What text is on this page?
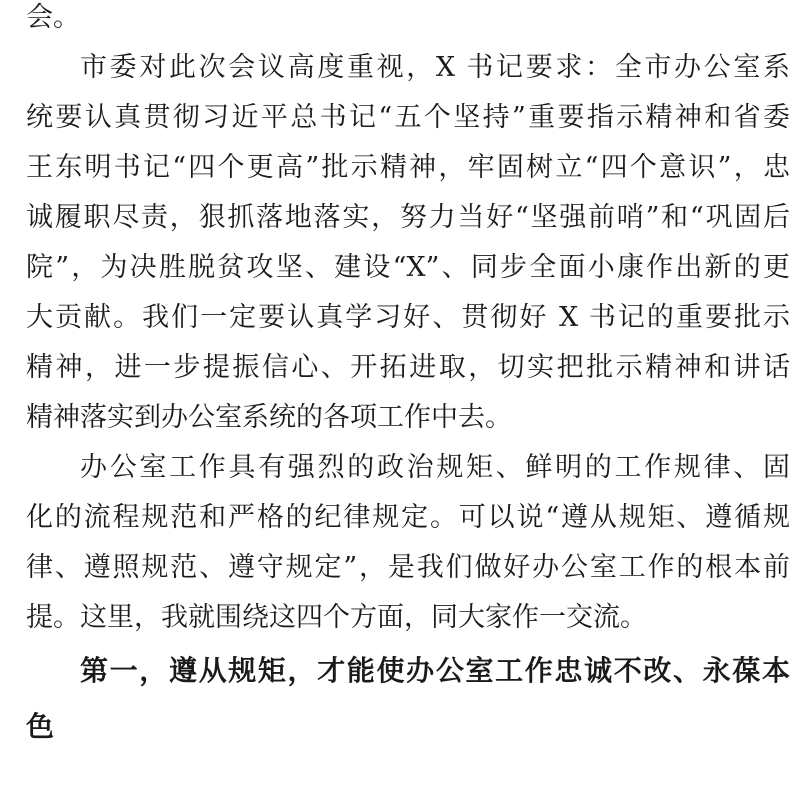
会。
市委对此次会议高度重视，X 书记要求：全市办公室系
统要认真贯彻习近平总书记“五个坚持”重要指示精神和省委
王东明书记“四个更高”批示精神，牢固树立“四个意识”，忠
诚履职尽责，狠抓落地落实，努力当好“坚强前哨”和“巩固后
院”，为决胜脱贫攻坚、建设“X”、同步全面小康作出新的更
大贡献。我们一定要认真学习好、贯彻好 X 书记的重要批示
精神，进一步提振信心、开拓进取，切实把批示精神和讲话
精神落实到办公室系统的各项工作中去。
办公室工作具有强烈的政治规矩、鲜明的工作规律、固
化的流程规范和严格的纪律规定。可以说“遵从规矩、遵循规
律、遵照规范、遵守规定”，是我们做好办公室工作的根本前
提。这里，我就围绕这四个方面，同大家作一交流。
第一，遵从规矩，才能使办公室工作忠诚不改、永葆本
色
